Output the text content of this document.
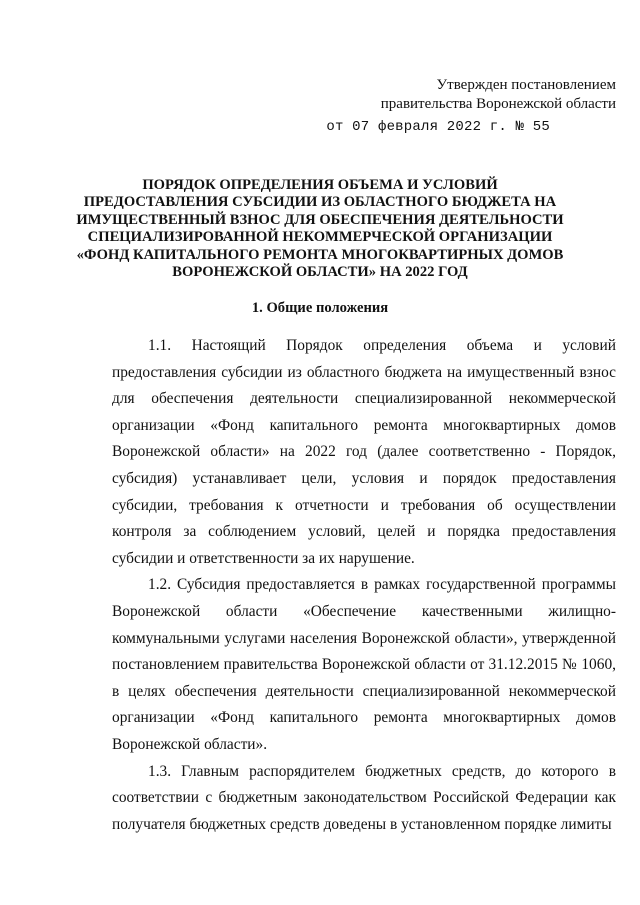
Утвержден постановлением
правительства Воронежской области
от 07 февраля 2022 г. № 55
ПОРЯДОК ОПРЕДЕЛЕНИЯ ОБЪЕМА И УСЛОВИЙ ПРЕДОСТАВЛЕНИЯ СУБСИДИИ ИЗ ОБЛАСТНОГО БЮДЖЕТА НА ИМУЩЕСТВЕННЫЙ ВЗНОС ДЛЯ ОБЕСПЕЧЕНИЯ ДЕЯТЕЛЬНОСТИ СПЕЦИАЛИЗИРОВАННОЙ НЕКОММЕРЧЕСКОЙ ОРГАНИЗАЦИИ «ФОНД КАПИТАЛЬНОГО РЕМОНТА МНОГОКВАРТИРНЫХ ДОМОВ ВОРОНЕЖСКОЙ ОБЛАСТИ» НА 2022 ГОД
1. Общие положения

1.1. Настоящий Порядок определения объема и условий предоставления субсидии из областного бюджета на имущественный взнос для обеспечения деятельности специализированной некоммерческой организации «Фонд капитального ремонта многоквартирных домов Воронежской области» на 2022 год (далее соответственно - Порядок, субсидия) устанавливает цели, условия и порядок предоставления субсидии, требования к отчетности и требования об осуществлении контроля за соблюдением условий, целей и порядка предоставления субсидии и ответственности за их нарушение.

1.2. Субсидия предоставляется в рамках государственной программы Воронежской области «Обеспечение качественными жилищно-коммунальными услугами населения Воронежской области», утвержденной постановлением правительства Воронежской области от 31.12.2015 № 1060, в целях обеспечения деятельности специализированной некоммерческой организации «Фонд капитального ремонта многоквартирных домов Воронежской области».

1.3. Главным распорядителем бюджетных средств, до которого в соответствии с бюджетным законодательством Российской Федерации как получателя бюджетных средств доведены в установленном порядке лимиты
